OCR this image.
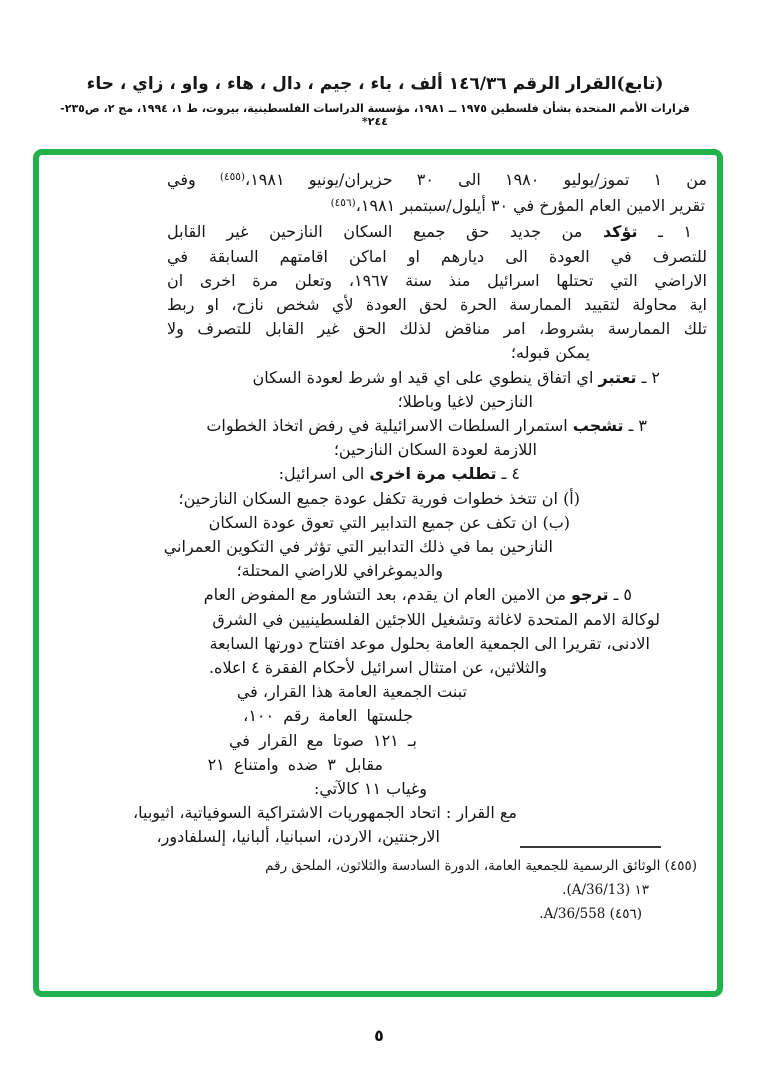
(تابع)القرار الرقم ١٤٦/٣٦ ألف ، باء ، جيم ، دال ، هاء ، واو ، زاي ، حاء
قرارات الأمم المتحدة بشأن فلسطين ١٩٧٥ ــ ١٩٨١، مؤسسة الدراسات الفلسطينية، بيروت، ط ١، ١٩٩٤، مج ٢، ص٢٣٥- ٢٤٤*
من ١ تموز/يوليو ١٩٨٠ الى ٣٠ حزيران/يونيو ١٩٨١،$^{(٤٥٥)}$ وفي
تقرير الامين العام المؤرخ في ٣٠ أيلول/سبتمبر ١٩٨١،$^{(٤٥٦)}$
١ ـ تؤكد من جديد حق جميع السكان النازحين غير القابل
للتصرف في العودة الى ديارهم او اماكن اقامتهم السابقة في
الاراضي التي تحتلها اسرائيل منذ سنة ١٩٦٧، وتعلن مرة اخرى ان
اية محاولة لتقييد الممارسة الحرة لحق العودة لأي شخص نازح، او ربط
تلك الممارسة بشروط، امر مناقض لذلك الحق غير القابل للتصرف ولا
يمكن قبوله؛
٢ ـ تعتبر اي اتفاق ينطوي على اي قيد او شرط لعودة السكان
النازحين لاغيا وباطلا؛
٣ ـ تشجب استمرار السلطات الاسرائيلية في رفض اتخاذ الخطوات
اللازمة لعودة السكان النازحين؛
٤ ـ تطلب مرة اخرى الى اسرائيل:
(أ) ان تتخذ خطوات فورية تكفل عودة جميع السكان النازحين؛
(ب) ان تكف عن جميع التدابير التي تعوق عودة السكان
النازحين بما في ذلك التدابير التي تؤثر في التكوين العمراني
والديموغرافي للاراضي المحتلة؛
٥ ـ ترجو من الامين العام ان يقدم، بعد التشاور مع المفوض العام
لوكالة الامم المتحدة لاغاثة وتشغيل اللاجئين الفلسطينيين في الشرق
الادنى، تقريرا الى الجمعية العامة بحلول موعد افتتاح دورتها السابعة
والثلاثين، عن امتثال اسرائيل لأحكام الفقرة ٤ اعلاه.
تبنت الجمعية العامة هذا القرار، في
جلستها العامة رقم ١٠٠،
بـ ١٢١ صوتا مع القرار في
مقابل ٣ ضده وامتناع ٢١
وغياب ١١ كالآتي:
مع القرار : اتحاد الجمهوريات الاشتراكية السوفياتية، اثيوبيا،
الارجنتين، الاردن، اسبانيا، ألبانيا، إلسلفادور،
(٤٥٥) الوثائق الرسمية للجمعية العامة، الدورة السادسة والثلاثون، الملحق رقم
١٣ (A/36/13).
(٤٥٦) A/36/558.
٥
